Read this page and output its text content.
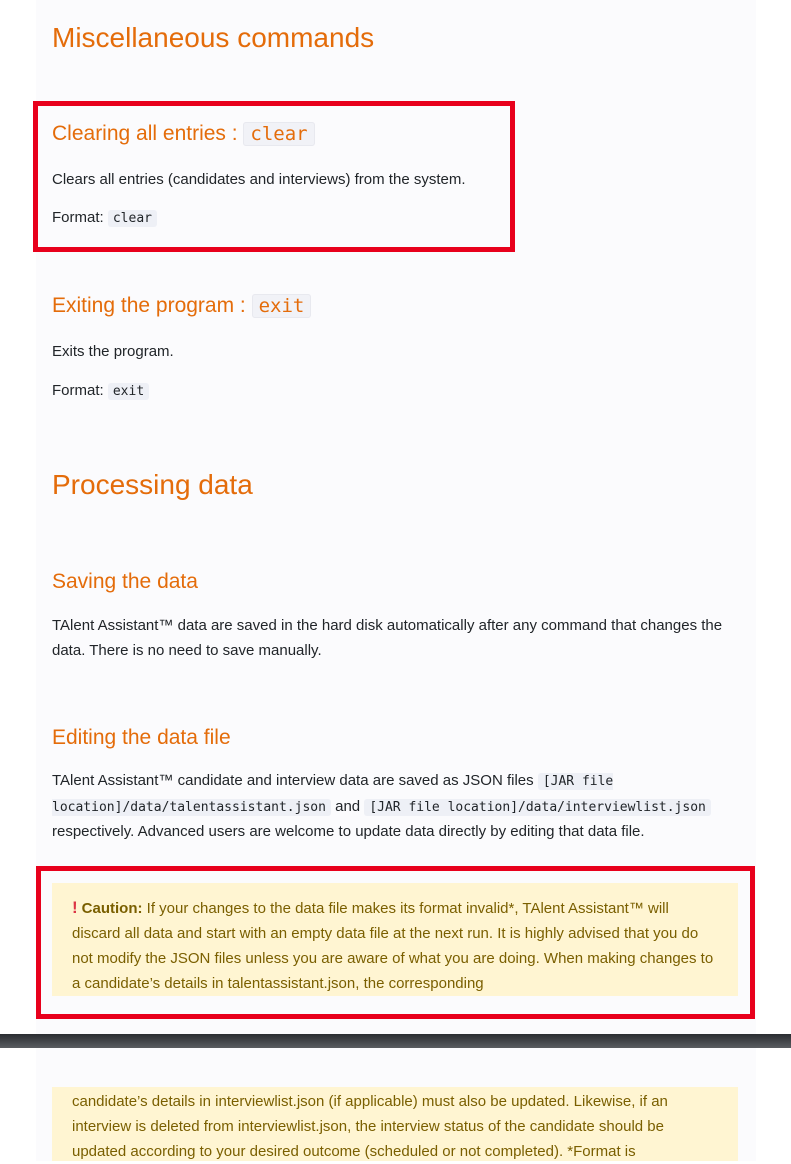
Miscellaneous commands
Clearing all entries : clear

Clears all entries (candidates and interviews) from the system.

Format: clear

Exiting the program : exit

Exits the program.

Format: exit

Processing data
Saving the data

TAlent Assistant™ data are saved in the hard disk automatically after any command that changes the data. There is no need to save manually.

Editing the data file

TAlent Assistant™ candidate and interview data are saved as JSON files [JAR file location]/data/talentassistant.json and [JAR file location]/data/interviewlist.json respectively. Advanced users are welcome to update data directly by editing that data file.

! Caution: If your changes to the data file makes its format invalid*, TAlent Assistant™ will discard all data and start with an empty data file at the next run. It is highly advised that you do not modify the JSON files unless you are aware of what you are doing. When making changes to a candidate’s details in talentassistant.json, the corresponding
candidate’s details in interviewlist.json (if applicable) must also be updated. Likewise, if an interview is deleted from interviewlist.json, the interview status of the candidate should be updated according to your desired outcome (scheduled or not completed). *Format is
